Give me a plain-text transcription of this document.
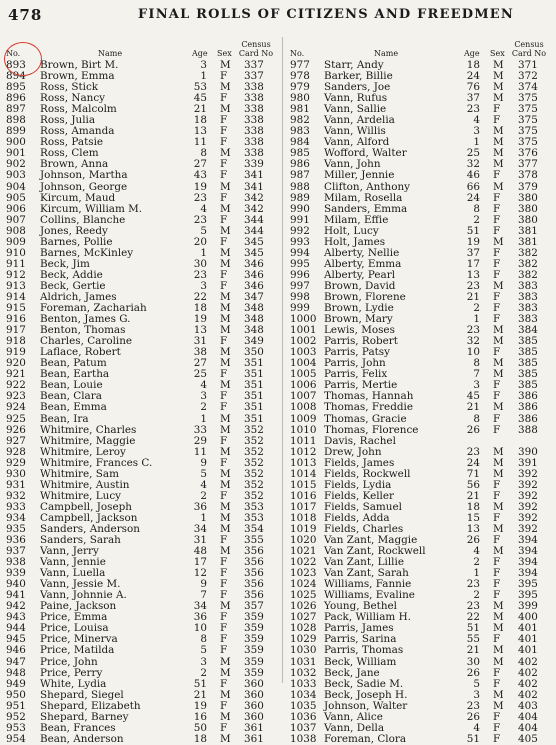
478	FINAL ROLLS OF CITIZENS AND FREEDMEN
No.	Name	Age Sex
Census
Card No
893 Brown, Birt M.	3 M 337
894 Brown, Emma	1 F 337
895 Ross, Stick	53 M 338
896 Ross, Nancy	45 F 338
897 Ross, Malcolm	21 M 338
898 Ross, Julia	18 F 338
899 Ross, Amanda	13 F 338
900 Ross, Patsie	11 F 338
901 Ross, Clem	8 M 338
902 Brown, Anna	27 F 339
903 Johnson, Martha	43 F 341
904 Johnson, George	19 M 341
905 Kircum, Maud	23 F 342
906 Kircum, William M.	4 M 342
907 Collins, Blanche	23 F 344
908 Jones, Reedy	5 M 344
909 Barnes, Pollie	20 F 345
910 Barnes, McKinley	1 M 345
911 Beck, Jim	30 M 346
912 Beck, Addie	23 F 346
913 Beck, Gertie	3 F 346
914 Aldrich, James	22 M 347
915 Foreman, Zachariah	18 M 348
916 Benton, James G.	19 M 348
917 Benton, Thomas	13 M 348
918 Charles, Caroline	31 F 349
919 Laflace, Robert	38 M 350
920 Bean, Patum	27 M 351
921 Bean, Eartha	25 F 351
922 Bean, Louie	4 M 351
923 Bean, Clara	3 F 351
924 Bean, Emma	2 F 351
925 Bean, Ira	1 M 351
926 Whitmire, Charles	33 M 352
927 Whitmire, Maggie	29 F 352
928 Whitmire, Leroy	11 M 352
929 Whitmire, Frances C.	9 F 352
930 Whitmire, Sam	5 M 352
931 Whitmire, Austin	4 M 352
932 Whitmire, Lucy	2 F 352
933 Campbell, Joseph	36 M 353
934 Campbell, Jackson	1 M 353
935 Sanders, Anderson	34 M 354
936 Sanders, Sarah	31 F 355
937 Vann, Jerry	48 M 356
938 Vann, Jennie	17 F 356
939 Vann, Luella	12 F 356
940 Vann, Jessie M.	9 F 356
941 Vann, Johnnie A.	7 F 356
942 Paine, Jackson	34 M 357
943 Price, Emma	36 F 359
944 Price, Louisa	10 F 359
945 Price, Minerva	8 F 359
946 Price, Matilda	5 F 359
947 Price, John	3 M 359
948 Price, Perry	2 M 359
949 White, Lydia	51 F 360
950 Shepard, Siegel	21 M 360
951 Shepard, Elizabeth	19 F 360
952 Shepard, Barney	16 M 360
953 Bean, Frances	50 F 361
954 Bean, Anderson	18 M 361
No.	Name	Age Sex
Census
Card No
977 Starr, Andy	18 M 371
978 Barker, Billie	24 M 372
979 Sanders, Joe	76 M 374
980 Vann, Rufus	37 M 375
981 Vann, Sallie	23 F 375
982 Vann, Ardelia	4 F 375
983 Vann, Willis	3 M 375
984 Vann, Alford	1 M 375
985 Wofford, Walter	25 M 376
986 Vann, John	32 M 377
987 Miller, Jennie	46 F 378
988 Clifton, Anthony	66 M 379
989 Milam, Rosella	24 F 380
990 Sanders, Emma	8 F 380
991 Milam, Effie	2 F 380
992 Holt, Lucy	51 F 381
993 Holt, James	19 M 381
994 Alberty, Nellie	37 F 382
995 Alberty, Emma	17 F 382
996 Alberty, Pearl	13 F 382
997 Brown, David	23 M 383
998 Brown, Florene	21 F 383
999 Brown, Lydie	2 F 383
1000 Brown, Mary	1 F 383
1001 Lewis, Moses	23 M 384
1002 Parris, Robert	32 M 385
1003 Parris, Patsy	10 F 385
1004 Parris, John	8 M 385
1005 Parris, Felix	7 M 385
1006 Parris, Mertie	3 F 385
1007 Thomas, Hannah	45 F 386
1008 Thomas, Freddie	21 M 386
1009 Thomas, Gracie	8 F 386
1010 Thomas, Florence	26 F 388
1011 Davis, Rachel
1012 Drew, John	23 M 390
1013 Fields, James	24 M 391
1014 Fields, Rockwell	71 M 392
1015 Fields, Lydia	56 F 392
1016 Fields, Keller	21 F 392
1017 Fields, Samuel	18 M 392
1018 Fields, Adda	15 F 392
1019 Fields, Charles	13 M 392
1020 Van Zant, Maggie	26 F 394
1021 Van Zant, Rockwell	4 M 394
1022 Van Zant, Lillie	2 F 394
1023 Van Zant, Sarah	1 F 394
1024 Williams, Fannie	23 F 395
1025 Williams, Evaline	2 F 395
1026 Young, Bethel	23 M 399
1027 Pack, William H.	22 M 400
1028 Parris, James	51 M 401
1029 Parris, Sarina	55 F 401
1030 Parris, Thomas	21 M 401
1031 Beck, William	30 M 402
1032 Beck, Jane	26 F 402
1033 Beck, Sadie M.	5 F 402
1034 Beck, Joseph H.	3 M 402
1035 Johnson, Walter	23 M 403
1036 Vann, Alice	26 F 404
1037 Vann, Della	4 F 404
1038 Foreman, Clora	51 F 405
